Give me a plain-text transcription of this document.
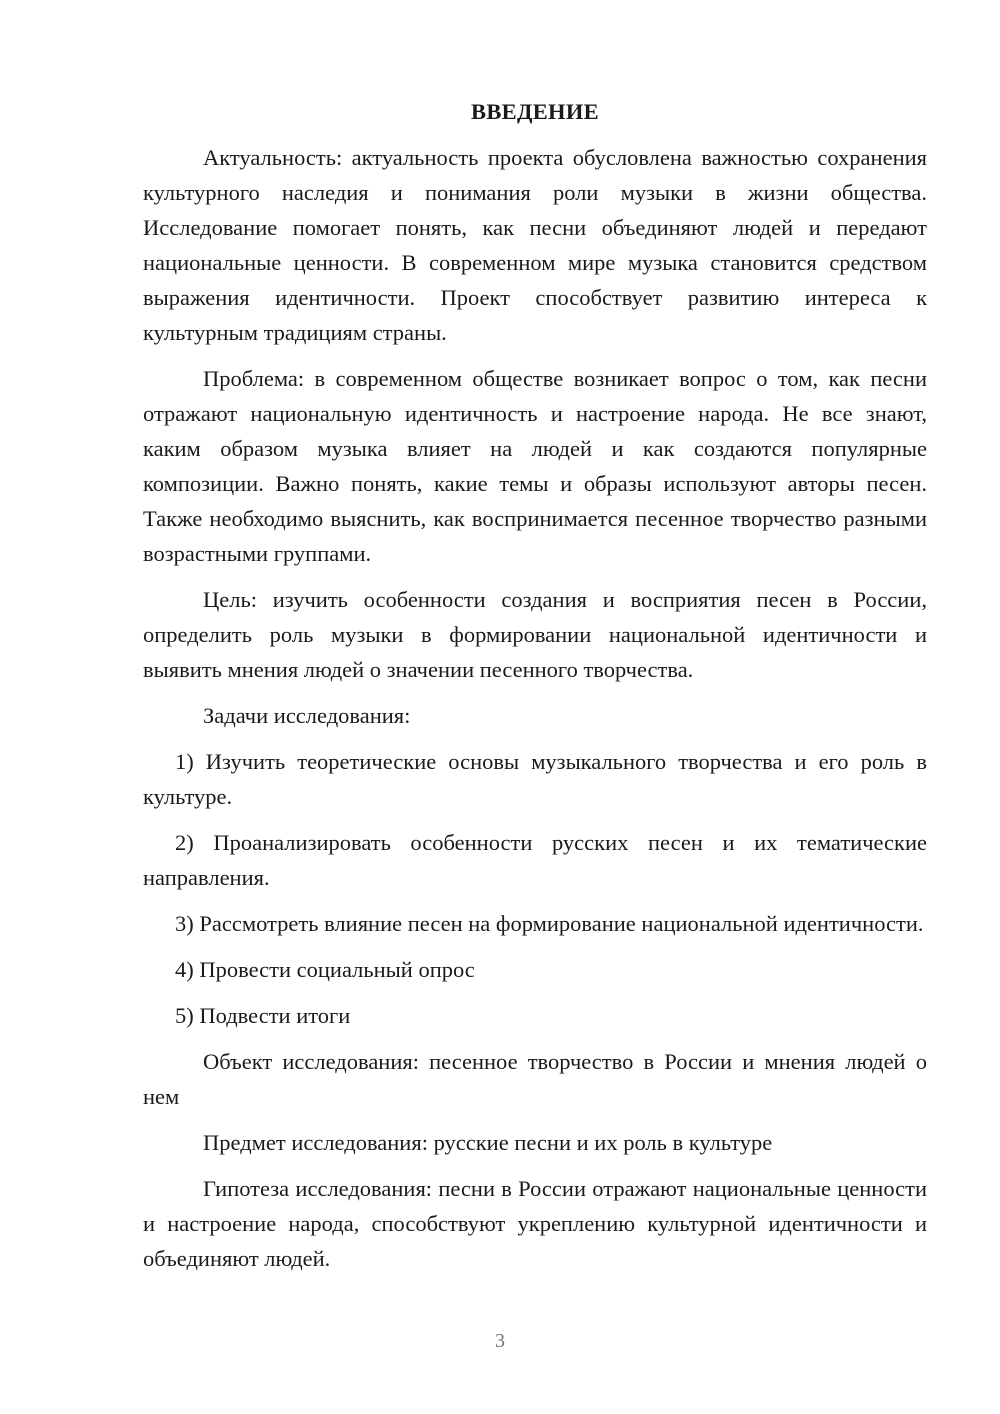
ВВЕДЕНИЕ

Актуальность: актуальность проекта обусловлена важностью сохранения культурного наследия и понимания роли музыки в жизни общества. Исследование помогает понять, как песни объединяют людей и передают национальные ценности. В современном мире музыка становится средством выражения идентичности. Проект способствует развитию интереса к культурным традициям страны.

Проблема: в современном обществе возникает вопрос о том, как песни отражают национальную идентичность и настроение народа. Не все знают, каким образом музыка влияет на людей и как создаются популярные композиции. Важно понять, какие темы и образы используют авторы песен. Также необходимо выяснить, как воспринимается песенное творчество разными возрастными группами.

Цель: изучить особенности создания и восприятия песен в России, определить роль музыки в формировании национальной идентичности и выявить мнения людей о значении песенного творчества.

Задачи исследования:

1) Изучить теоретические основы музыкального творчества и его роль в культуре.

2) Проанализировать особенности русских песен и их тематические направления.

3) Рассмотреть влияние песен на формирование национальной идентичности.

4) Провести социальный опрос

5) Подвести итоги

Объект исследования: песенное творчество в России и мнения людей о нем

Предмет исследования: русские песни и их роль в культуре

Гипотеза исследования: песни в России отражают национальные ценности и настроение народа, способствуют укреплению культурной идентичности и объединяют людей.

3
